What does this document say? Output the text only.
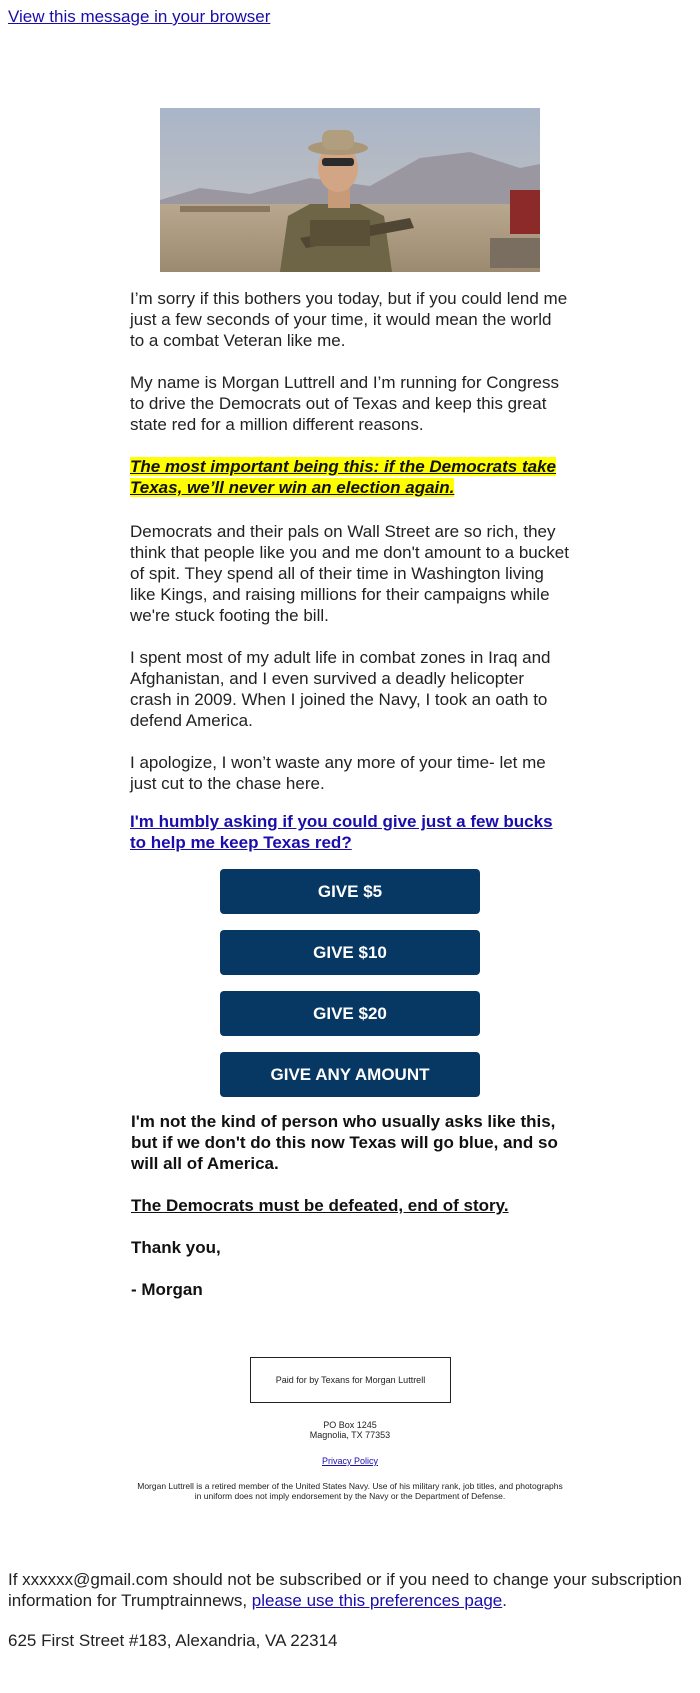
View this message in your browser

I’m sorry if this bothers you today, but if you could lend me just a few seconds of your time, it would mean the world to a combat Veteran like me.

My name is Morgan Luttrell and I’m running for Congress to drive the Democrats out of Texas and keep this great state red for a million different reasons.

The most important being this: if the Democrats take Texas, we’ll never win an election again.

Democrats and their pals on Wall Street are so rich, they think that people like you and me don't amount to a bucket of spit. They spend all of their time in Washington living like Kings, and raising millions for their campaigns while we're stuck footing the bill.

I spent most of my adult life in combat zones in Iraq and Afghanistan, and I even survived a deadly helicopter crash in 2009. When I joined the Navy, I took an oath to defend America.

I apologize, I won’t waste any more of your time- let me just cut to the chase here.

I'm humbly asking if you could give just a few bucks to help me keep Texas red?
GIVE $5
GIVE $10
GIVE $20
GIVE ANY AMOUNT

I'm not the kind of person who usually asks like this, but if we don't do this now Texas will go blue, and so will all of America.

The Democrats must be defeated, end of story.

Thank you,

- Morgan

Paid for by Texans for Morgan Luttrell
PO Box 1245
Magnolia, TX 77353
Privacy Policy
Morgan Luttrell is a retired member of the United States Navy. Use of his military rank, job titles, and photographs in uniform does not imply endorsement by the Navy or the Department of Defense.
If xxxxxx@gmail.com should not be subscribed or if you need to change your subscription information for Trumptrainnews, please use this preferences page.
625 First Street #183, Alexandria, VA 22314
